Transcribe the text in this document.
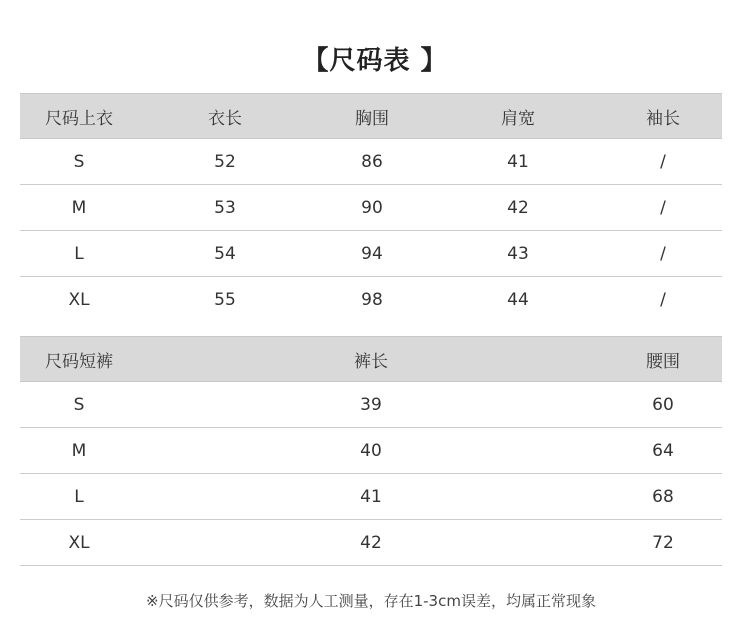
【尺码表 】
尺码上衣	衣长	胸围	肩宽	袖长
S	52	86	41	/
M	53	90	42	/
L	54	94	43	/
XL	55	98	44	/
尺码短裤	裤长	腰围
S	39	60
M	40	64
L	41	68
XL	42	72
※尺码仅供参考，数据为人工测量，存在1-3cm误差，均属正常现象
